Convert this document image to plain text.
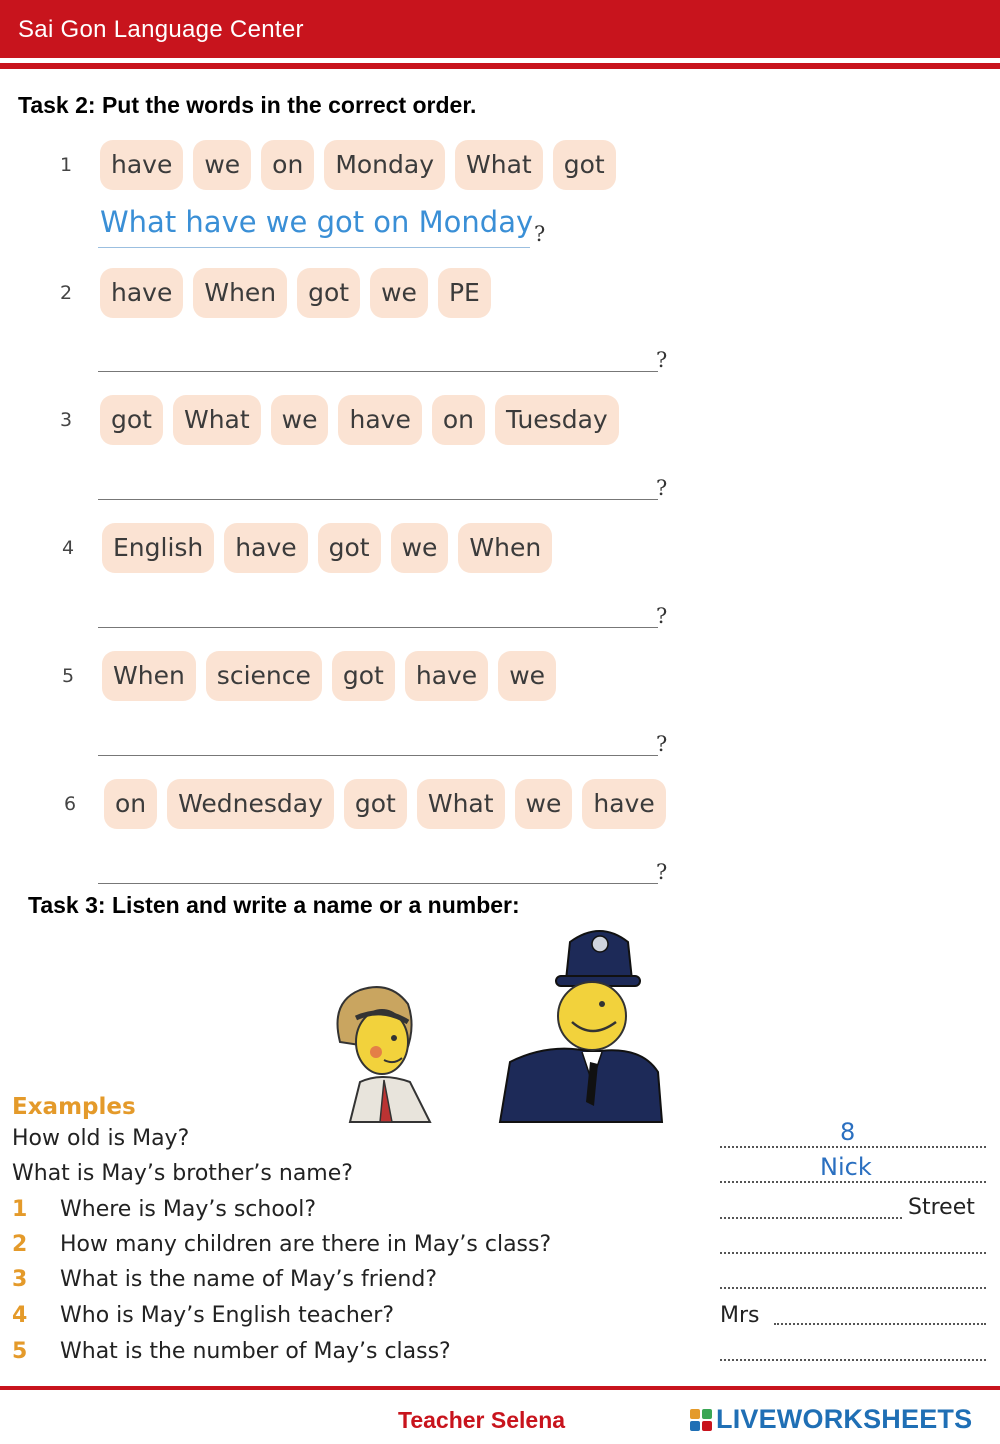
Sai Gon Language Center
Task 2: Put the words in the correct order.
1	have	we	on	Monday	What	got
?
2	have	When	got	we	PE
?
3	got	What	we	have	on	Tuesday
?
4	English	have	got	we	When
?
5	When	science	got	have	we
?
6	on	Wednesday	got	What	we	have
?
What have we got on Monday
Task 3: Listen and write a name or a number:
Examples
How old is May?	8
What is May’s brother’s name?	Nick
1 Where is May’s school?	Street
2 How many children are there in May’s class?
3 What is the name of May’s friend?
4 Who is May’s English teacher?	Mrs
5 What is the number of May’s class?
Teacher Selena	LIVEWORKSHEETS
